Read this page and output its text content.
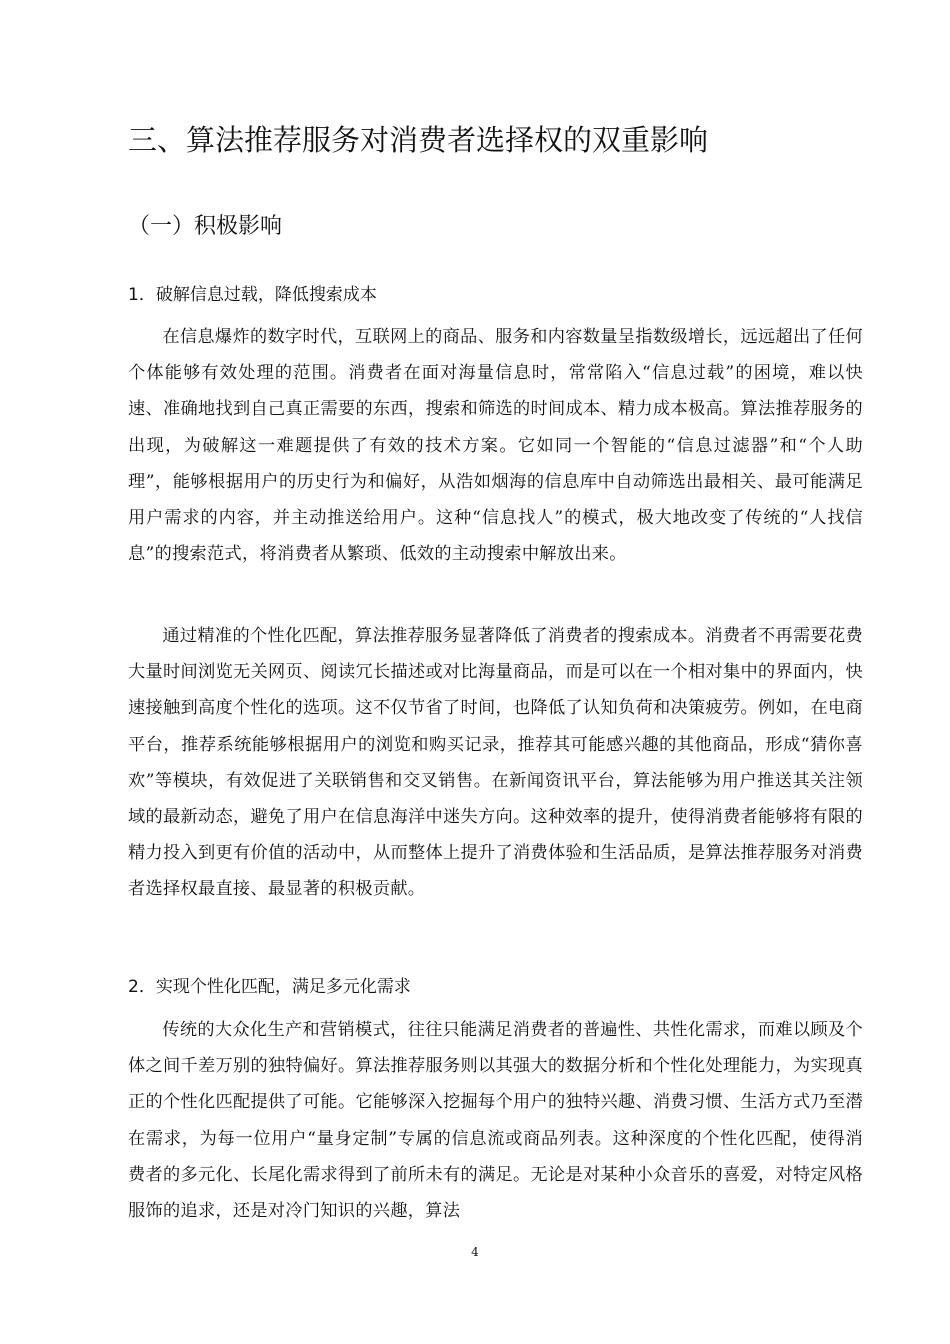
三、算法推荐服务对消费者选择权的双重影响
（一）积极影响
1．破解信息过载，降低搜索成本
在信息爆炸的数字时代，互联网上的商品、服务和内容数量呈指数级增长，远远超出了任何个体能够有效处理的范围。消费者在面对海量信息时，常常陷入“信息过载”的困境，难以快速、准确地找到自己真正需要的东西，搜索和筛选的时间成本、精力成本极高。算法推荐服务的出现，为破解这一难题提供了有效的技术方案。它如同一个智能的“信息过滤器”和“个人助理”，能够根据用户的历史行为和偏好，从浩如烟海的信息库中自动筛选出最相关、最可能满足用户需求的内容，并主动推送给用户。这种“信息找人”的模式，极大地改变了传统的“人找信息”的搜索范式，将消费者从繁琐、低效的主动搜索中解放出来。
通过精准的个性化匹配，算法推荐服务显著降低了消费者的搜索成本。消费者不再需要花费大量时间浏览无关网页、阅读冗长描述或对比海量商品，而是可以在一个相对集中的界面内，快速接触到高度个性化的选项。这不仅节省了时间，也降低了认知负荷和决策疲劳。例如，在电商平台，推荐系统能够根据用户的浏览和购买记录，推荐其可能感兴趣的其他商品，形成“猜你喜欢”等模块，有效促进了关联销售和交叉销售。在新闻资讯平台，算法能够为用户推送其关注领域的最新动态，避免了用户在信息海洋中迷失方向。这种效率的提升，使得消费者能够将有限的精力投入到更有价值的活动中，从而整体上提升了消费体验和生活品质，是算法推荐服务对消费者选择权最直接、最显著的积极贡献。
2．实现个性化匹配，满足多元化需求
传统的大众化生产和营销模式，往往只能满足消费者的普遍性、共性化需求，而难以顾及个体之间千差万别的独特偏好。算法推荐服务则以其强大的数据分析和个性化处理能力，为实现真正的个性化匹配提供了可能。它能够深入挖掘每个用户的独特兴趣、消费习惯、生活方式乃至潜在需求，为每一位用户“量身定制”专属的信息流或商品列表。这种深度的个性化匹配，使得消费者的多元化、长尾化需求得到了前所未有的满足。无论是对某种小众音乐的喜爱，对特定风格服饰的追求，还是对冷门知识的兴趣，算法
4
